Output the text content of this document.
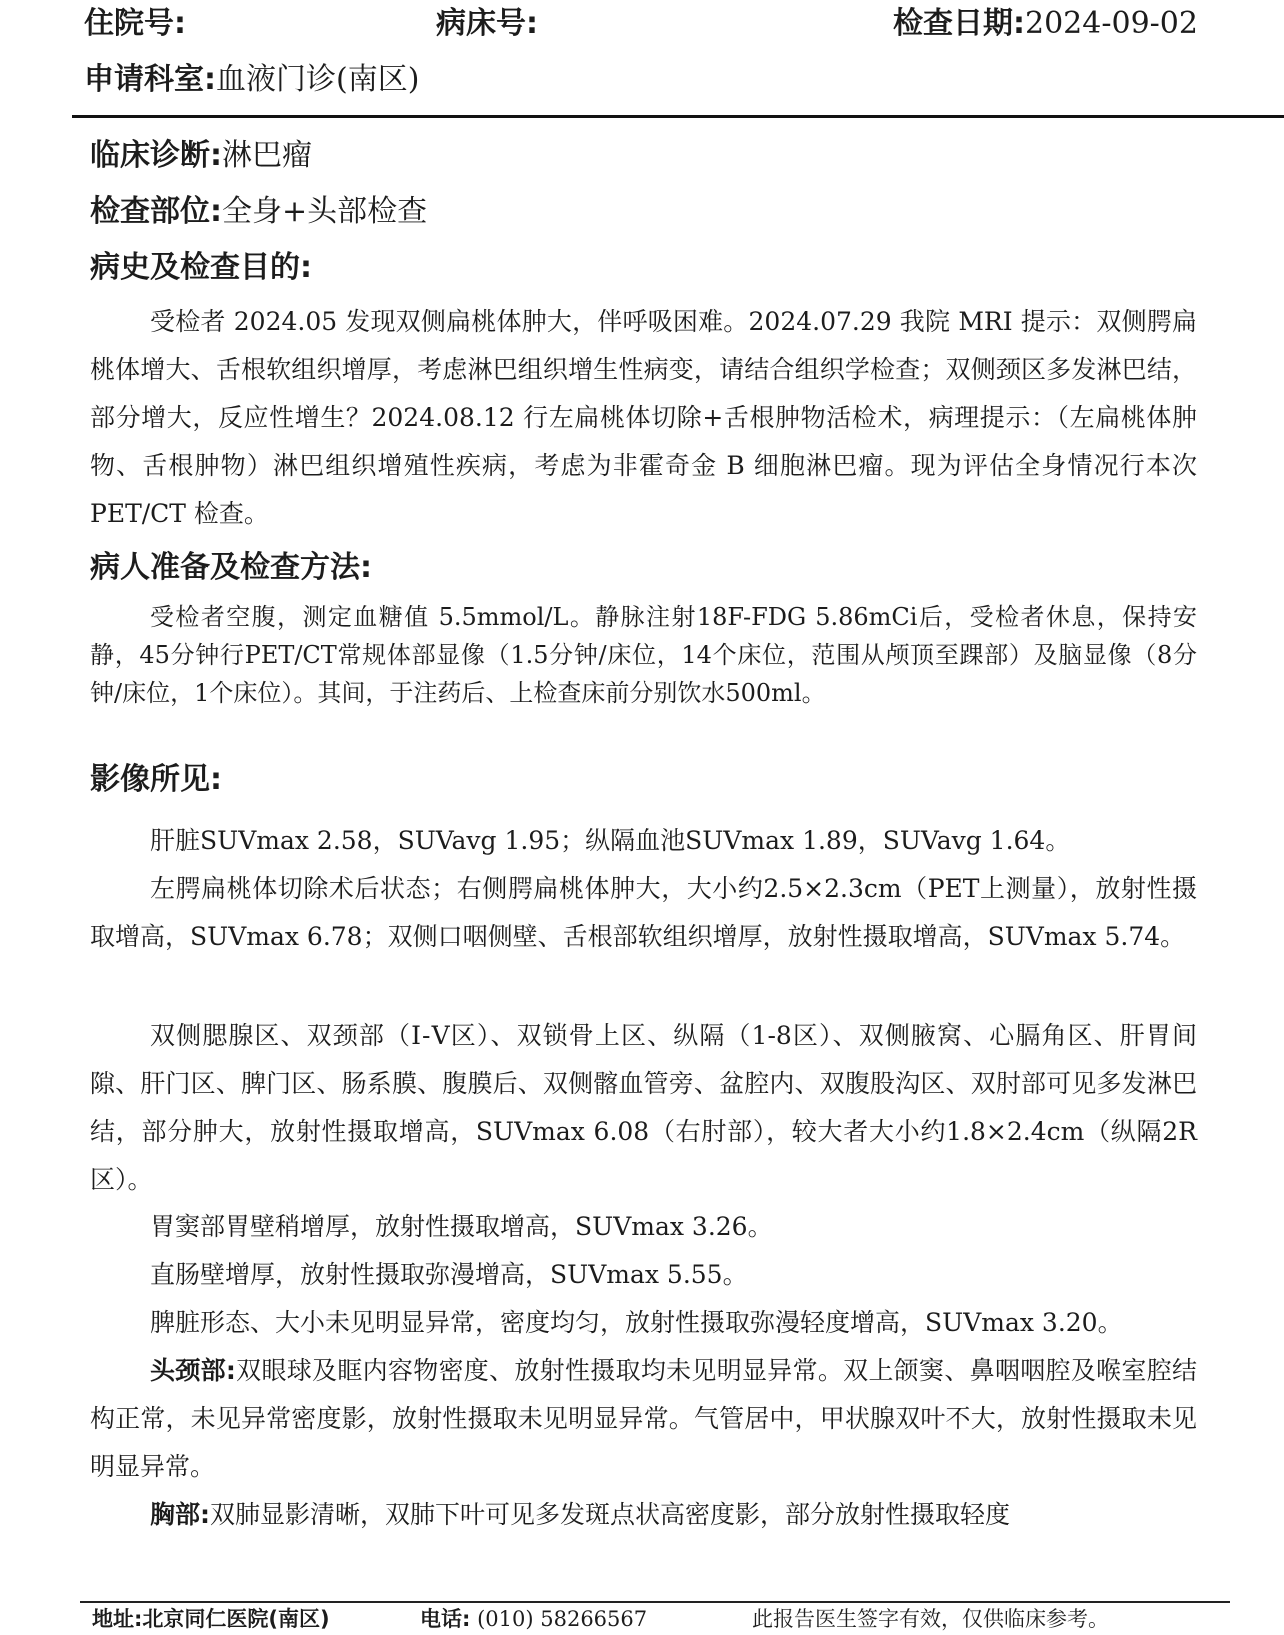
住院号:	病床号:	检查日期:2024-09-02
申请科室:血液门诊(南区)
临床诊断:淋巴瘤
检查部位:全身+头部检查
病史及检查目的:
受检者 2024.05 发现双侧扁桃体肿大，伴呼吸困难。2024.07.29 我院 MRI 提示：双侧腭扁桃体增大、舌根软组织增厚，考虑淋巴组织增生性病变，请结合组织学检查；双侧颈区多发淋巴结，部分增大，反应性增生？2024.08.12 行左扁桃体切除+舌根肿物活检术，病理提示：（左扁桃体肿物、舌根肿物）淋巴组织增殖性疾病，考虑为非霍奇金 B 细胞淋巴瘤。现为评估全身情况行本次 PET/CT 检查。
病人准备及检查方法:
受检者空腹，测定血糖值 5.5mmol/L。静脉注射18F-FDG 5.86mCi后，受检者休息，保持安静，45分钟行PET/CT常规体部显像（1.5分钟/床位，14个床位，范围从颅顶至踝部）及脑显像（8分钟/床位，1个床位）。其间，于注药后、上检查床前分别饮水500ml。
影像所见:
肝脏SUVmax 2.58，SUVavg 1.95；纵隔血池SUVmax 1.89，SUVavg 1.64。
左腭扁桃体切除术后状态；右侧腭扁桃体肿大，大小约2.5×2.3cm（PET上测量），放射性摄取增高，SUVmax 6.78；双侧口咽侧壁、舌根部软组织增厚，放射性摄取增高，SUVmax 5.74。
双侧腮腺区、双颈部（Ⅰ-Ⅴ区）、双锁骨上区、纵隔（1-8区）、双侧腋窝、心膈角区、肝胃间隙、肝门区、脾门区、肠系膜、腹膜后、双侧髂血管旁、盆腔内、双腹股沟区、双肘部可见多发淋巴结，部分肿大，放射性摄取增高，SUVmax 6.08（右肘部），较大者大小约1.8×2.4cm（纵隔2R区）。
胃窦部胃壁稍增厚，放射性摄取增高，SUVmax 3.26。
直肠壁增厚，放射性摄取弥漫增高，SUVmax 5.55。
脾脏形态、大小未见明显异常，密度均匀，放射性摄取弥漫轻度增高，SUVmax 3.20。
头颈部:双眼球及眶内容物密度、放射性摄取均未见明显异常。双上颌窦、鼻咽咽腔及喉室腔结构正常，未见异常密度影，放射性摄取未见明显异常。气管居中，甲状腺双叶不大，放射性摄取未见明显异常。
胸部:双肺显影清晰，双肺下叶可见多发斑点状高密度影，部分放射性摄取轻度
地址:北京同仁医院(南区)	电话: (010) 58266567	此报告医生签字有效，仅供临床参考。
